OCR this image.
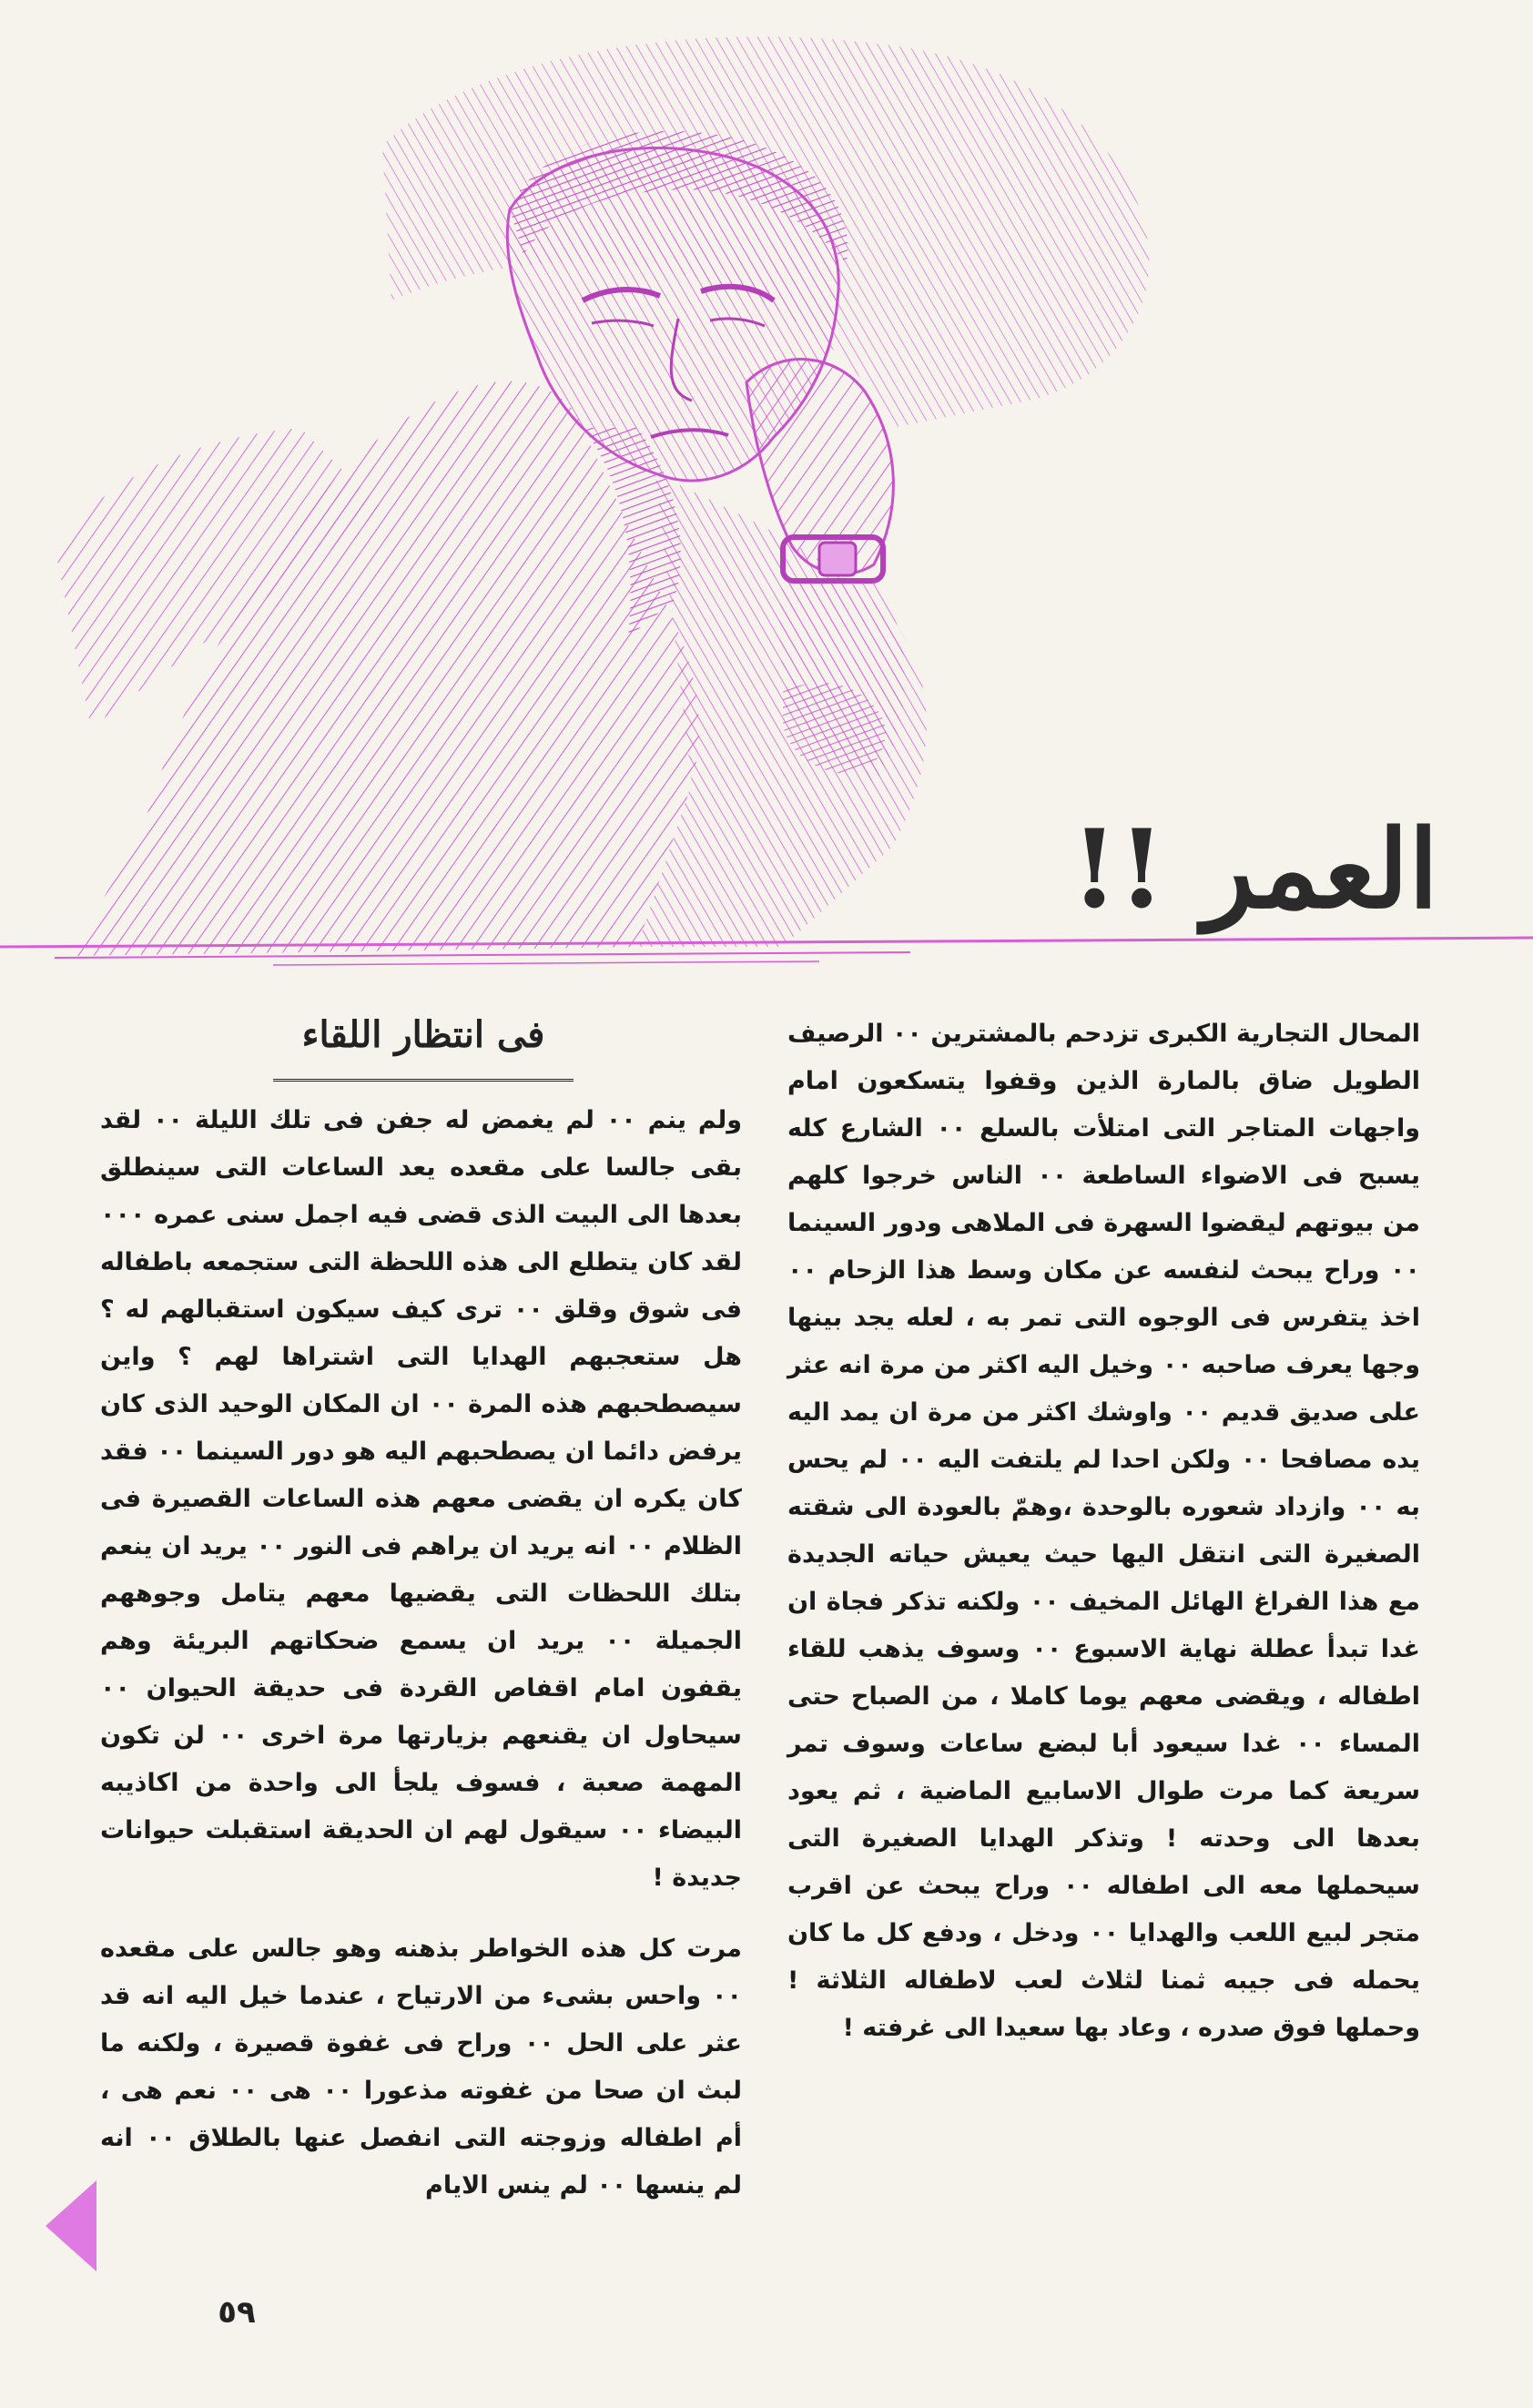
العمر !!

المحال التجارية الكبرى تزدحم بالمشترين ٠٠ الرصيف الطويل ضاق بالمارة الذين وقفوا يتسكعون امام واجهات المتاجر التى امتلأت بالسلع ٠٠ الشارع كله يسبح فى الاضواء الساطعة ٠٠ الناس خرجوا كلهم من بيوتهم ليقضوا السهرة فى الملاهى ودور السينما ٠٠ وراح يبحث لنفسه عن مكان وسط هذا الزحام ٠٠ اخذ يتفرس فى الوجوه التى تمر به ، لعله يجد بينها وجها يعرف صاحبه ٠٠ وخيل اليه اكثر من مرة انه عثر على صديق قديم ٠٠ واوشك اكثر من مرة ان يمد اليه يده مصافحا ٠٠ ولكن احدا لم يلتفت اليه ٠٠ لم يحس به ٠٠ وازداد شعوره بالوحدة ،وهمّ بالعودة الى شقته الصغيرة التى انتقل اليها حيث يعيش حياته الجديدة مع هذا الفراغ الهائل المخيف ٠٠ ولكنه تذكر فجاة ان غدا تبدأ عطلة نهاية الاسبوع ٠٠ وسوف يذهب للقاء اطفاله ، ويقضى معهم يوما كاملا ، من الصباح حتى المساء ٠٠ غدا سيعود أبا لبضع ساعات وسوف تمر سريعة كما مرت طوال الاسابيع الماضية ، ثم يعود بعدها الى وحدته ! وتذكر الهدايا الصغيرة التى سيحملها معه الى اطفاله ٠٠ وراح يبحث عن اقرب متجر لبيع اللعب والهدايا ٠٠ ودخل ، ودفع كل ما كان يحمله فى جيبه ثمنا لثلاث لعب لاطفاله الثلاثة ! وحملها فوق صدره ، وعاد بها سعيدا الى غرفته !

فى انتظار اللقاء

ولم ينم ٠٠ لم يغمض له جفن فى تلك الليلة ٠٠ لقد بقى جالسا على مقعده يعد الساعات التى سينطلق بعدها الى البيت الذى قضى فيه اجمل سنى عمره ٠٠٠ لقد كان يتطلع الى هذه اللحظة التى ستجمعه باطفاله فى شوق وقلق ٠٠ ترى كيف سيكون استقبالهم له ؟ هل ستعجبهم الهدايا التى اشتراها لهم ؟ واين سيصطحبهم هذه المرة ٠٠ ان المكان الوحيد الذى كان يرفض دائما ان يصطحبهم اليه هو دور السينما ٠٠ فقد كان يكره ان يقضى معهم هذه الساعات القصيرة فى الظلام ٠٠ انه يريد ان يراهم فى النور ٠٠ يريد ان ينعم بتلك اللحظات التى يقضيها معهم يتامل وجوههم الجميلة ٠٠ يريد ان يسمع ضحكاتهم البريئة وهم يقفون امام اقفاص القردة فى حديقة الحيوان ٠٠ سيحاول ان يقنعهم بزيارتها مرة اخرى ٠٠ لن تكون المهمة صعبة ، فسوف يلجأ الى واحدة من اكاذيبه البيضاء ٠٠ سيقول لهم ان الحديقة استقبلت حيوانات جديدة !

مرت كل هذه الخواطر بذهنه وهو جالس على مقعده ٠٠ واحس بشىء من الارتياح ، عندما خيل اليه انه قد عثر على الحل ٠٠ وراح فى غفوة قصيرة ، ولكنه ما لبث ان صحا من غفوته مذعورا ٠٠ هى ٠٠ نعم هى ، أم اطفاله وزوجته التى انفصل عنها بالطلاق ٠٠ انه لم ينسها ٠٠ لم ينس الايام

٥٩
